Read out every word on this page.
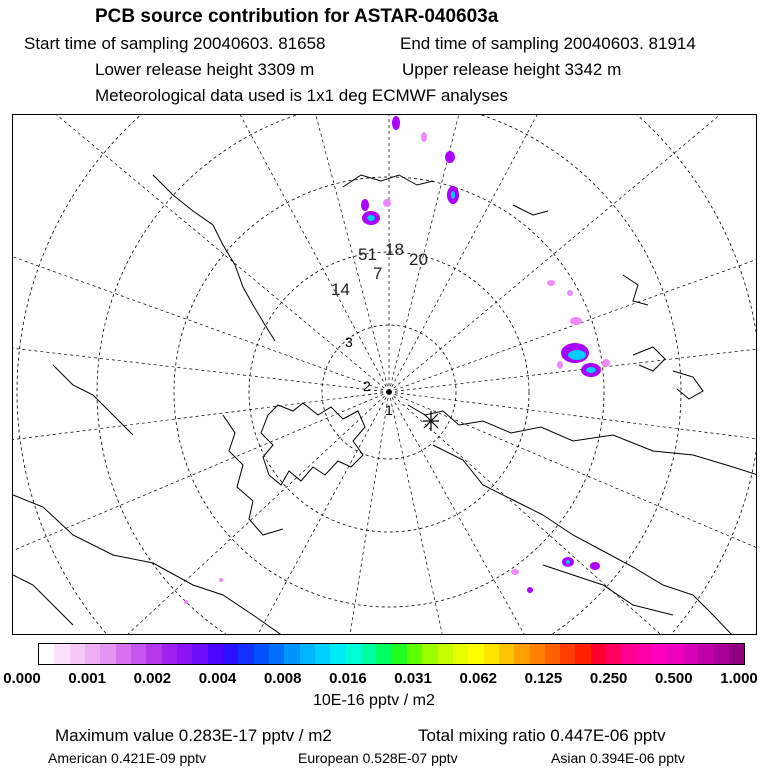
PCB source contribution for ASTAR-040603a
Start time of sampling 20040603. 81658	End time of sampling 20040603. 81914
Lower release height 3309 m	Upper release height 3342 m
Meteorological data used is 1x1 deg ECMWF analyses
51 18
20
14
7
1
2
3
0.000 0.001 0.002 0.004 0.008 0.016 0.031 0.062 0.125 0.250 0.500 1.000
10E-16 pptv / m2
Maximum value 0.283E-17 pptv / m2	Total mixing ratio 0.447E-06 pptv
American 0.421E-09 pptv	European 0.528E-07 pptv	Asian 0.394E-06 pptv
